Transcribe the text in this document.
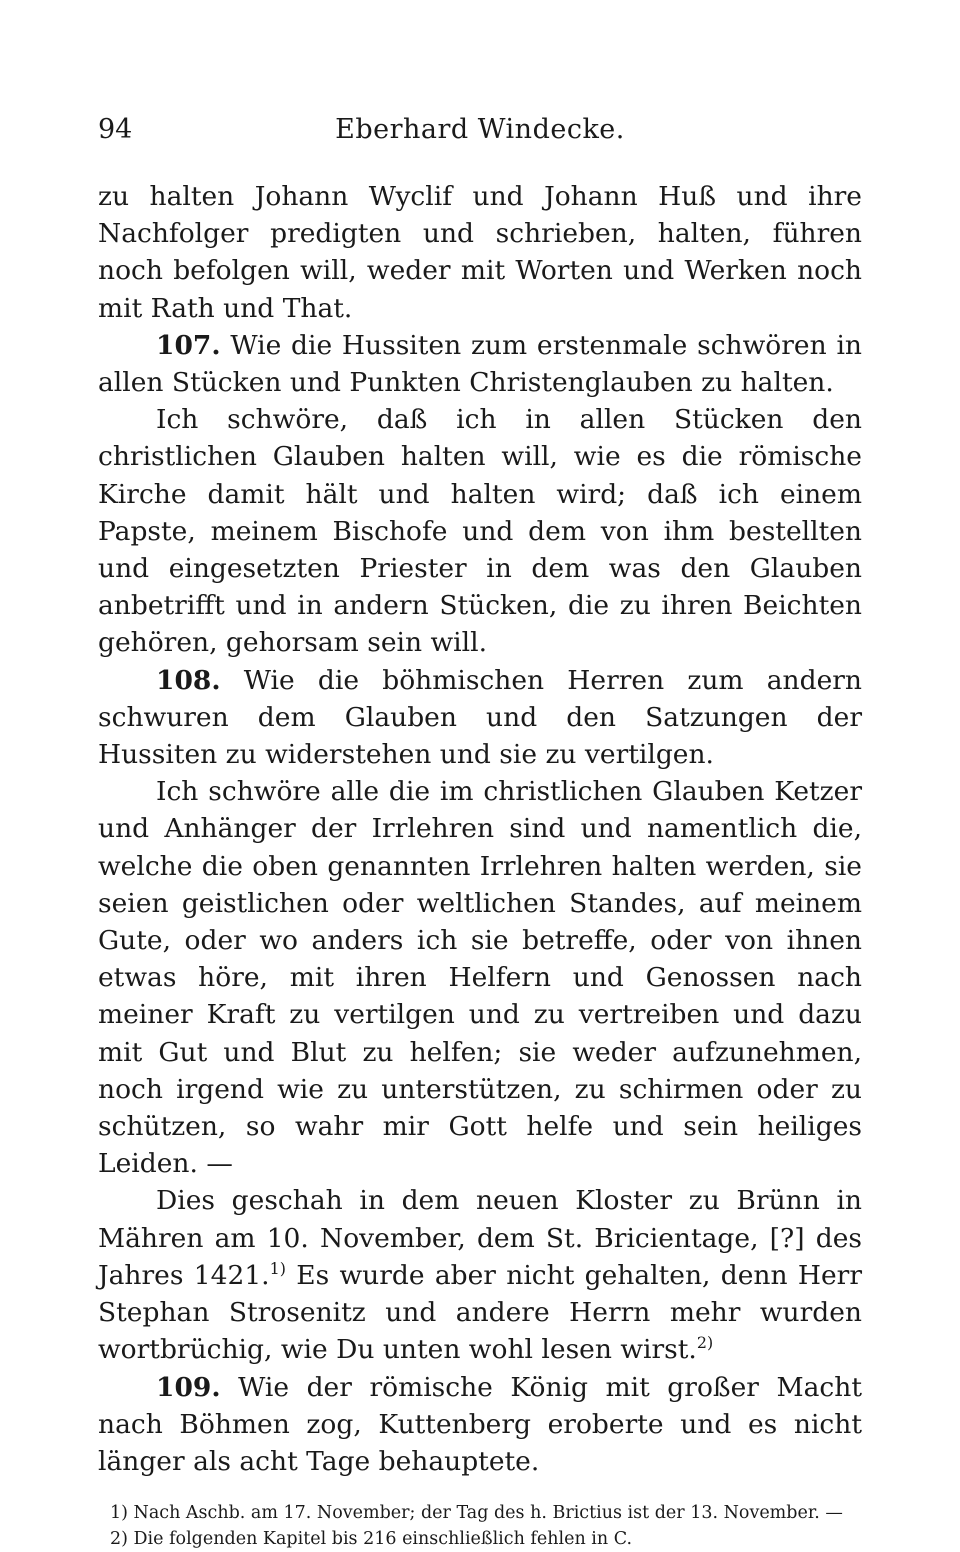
94	Eberhard Windecke.

zu halten Johann Wyclif und Johann Huß und ihre Nachfolger predigten und schrieben, halten, führen noch befolgen will, weder mit Worten und Werken noch mit Rath und That.

107. Wie die Hussiten zum erstenmale schwören in allen Stücken und Punkten Christenglauben zu halten.

Ich schwöre, daß ich in allen Stücken den christlichen Glauben halten will, wie es die römische Kirche damit hält und halten wird; daß ich einem Papste, meinem Bischofe und dem von ihm bestellten und eingesetzten Priester in dem was den Glauben anbetrifft und in andern Stücken, die zu ihren Beichten gehören, gehorsam sein will.

108. Wie die böhmischen Herren zum andern schwuren dem Glauben und den Satzungen der Hussiten zu widerstehen und sie zu vertilgen.

Ich schwöre alle die im christlichen Glauben Ketzer und Anhänger der Irrlehren sind und namentlich die, welche die oben genannten Irrlehren halten werden, sie seien geistlichen oder weltlichen Standes, auf meinem Gute, oder wo anders ich sie betreffe, oder von ihnen etwas höre, mit ihren Helfern und Genossen nach meiner Kraft zu vertilgen und zu vertreiben und dazu mit Gut und Blut zu helfen; sie weder aufzunehmen, noch irgend wie zu unterstützen, zu schirmen oder zu schützen, so wahr mir Gott helfe und sein heiliges Leiden. —

Dies geschah in dem neuen Kloster zu Brünn in Mähren am 10. November, dem St. Bricientage, [?] des Jahres 1421.$^{1)}$ Es wurde aber nicht gehalten, denn Herr Stephan Strosenitz und andere Herrn mehr wurden wortbrüchig, wie Du unten wohl lesen wirst.$^{2)}$

109. Wie der römische König mit großer Macht nach Böhmen zog, Kuttenberg eroberte und es nicht länger als acht Tage behauptete.

1) Nach Aschb. am 17. November; der Tag des h. Brictius ist der 13. November. —

2) Die folgenden Kapitel bis 216 einschließlich fehlen in C.
